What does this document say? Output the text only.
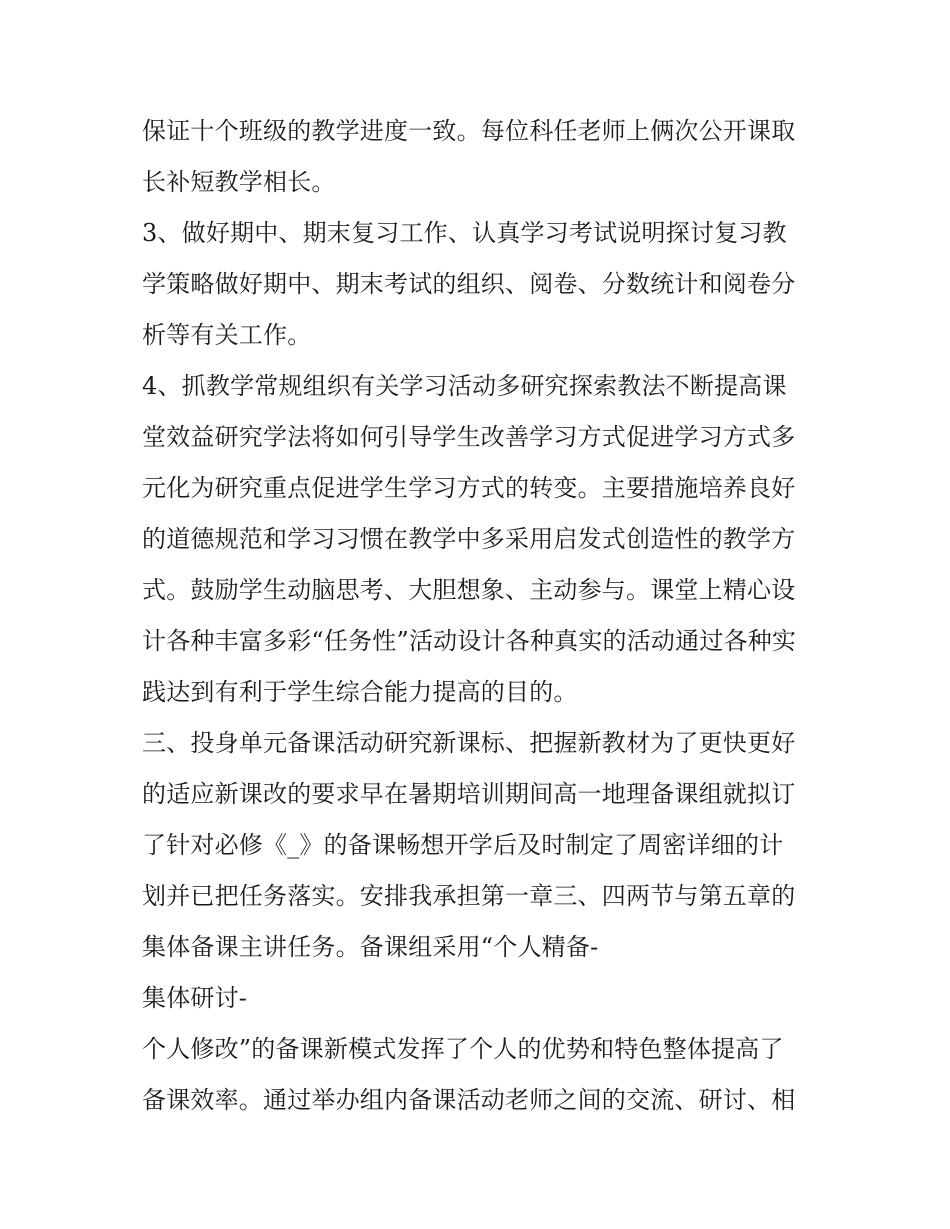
保证十个班级的教学进度一致。每位科任老师上俩次公开课取
长补短教学相长。
3、做好期中、期末复习工作、认真学习考试说明探讨复习教
学策略做好期中、期末考试的组织、阅卷、分数统计和阅卷分
析等有关工作。
4、抓教学常规组织有关学习活动多研究探索教法不断提高课
堂效益研究学法将如何引导学生改善学习方式促进学习方式多
元化为研究重点促进学生学习方式的转变。主要措施培养良好
的道德规范和学习习惯在教学中多采用启发式创造性的教学方
式。鼓励学生动脑思考、大胆想象、主动参与。课堂上精心设
计各种丰富多彩“任务性”活动设计各种真实的活动通过各种实
践达到有利于学生综合能力提高的目的。
三、投身单元备课活动研究新课标、把握新教材为了更快更好
的适应新课改的要求早在暑期培训期间高一地理备课组就拟订
了针对必修《_》的备课畅想开学后及时制定了周密详细的计
划并已把任务落实。安排我承担第一章三、四两节与第五章的
集体备课主讲任务。备课组采用“个人精备-
集体研讨-
个人修改”的备课新模式发挥了个人的优势和特色整体提高了
备课效率。通过举办组内备课活动老师之间的交流、研讨、相
